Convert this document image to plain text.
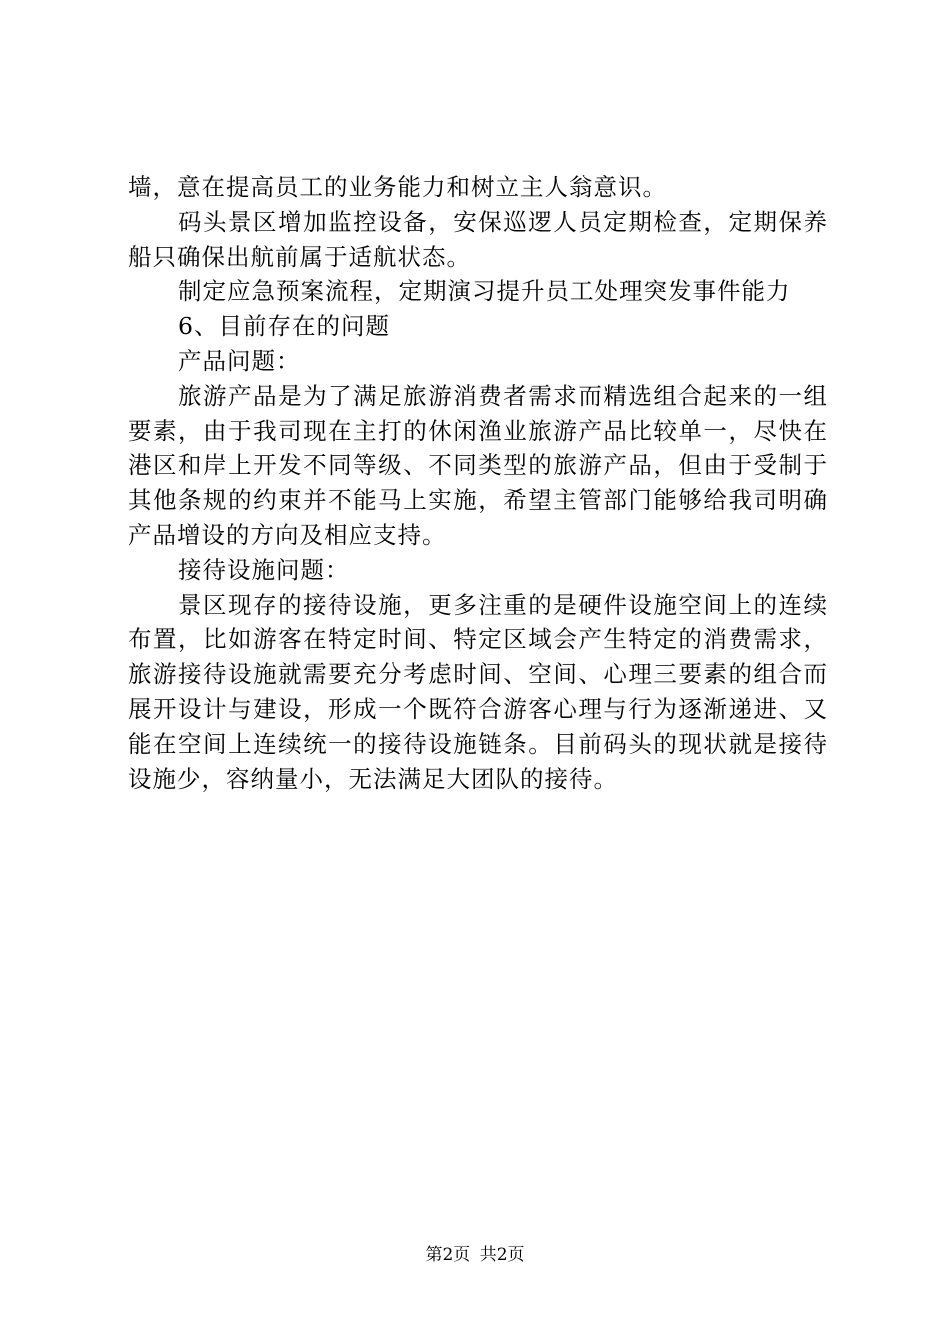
墙，意在提高员工的业务能力和树立主人翁意识。

码头景区增加监控设备，安保巡逻人员定期检查，定期保养船只确保出航前属于适航状态。

制定应急预案流程，定期演习提升员工处理突发事件能力

6、目前存在的问题

产品问题：

旅游产品是为了满足旅游消费者需求而精选组合起来的一组要素，由于我司现在主打的休闲渔业旅游产品比较单一，尽快在港区和岸上开发不同等级、不同类型的旅游产品，但由于受制于其他条规的约束并不能马上实施，希望主管部门能够给我司明确产品增设的方向及相应支持。

接待设施问题：

景区现存的接待设施，更多注重的是硬件设施空间上的连续布置，比如游客在特定时间、特定区域会产生特定的消费需求，旅游接待设施就需要充分考虑时间、空间、心理三要素的组合而展开设计与建设，形成一个既符合游客心理与行为逐渐递进、又能在空间上连续统一的接待设施链条。目前码头的现状就是接待设施少，容纳量小，无法满足大团队的接待。

第2页 共2页
